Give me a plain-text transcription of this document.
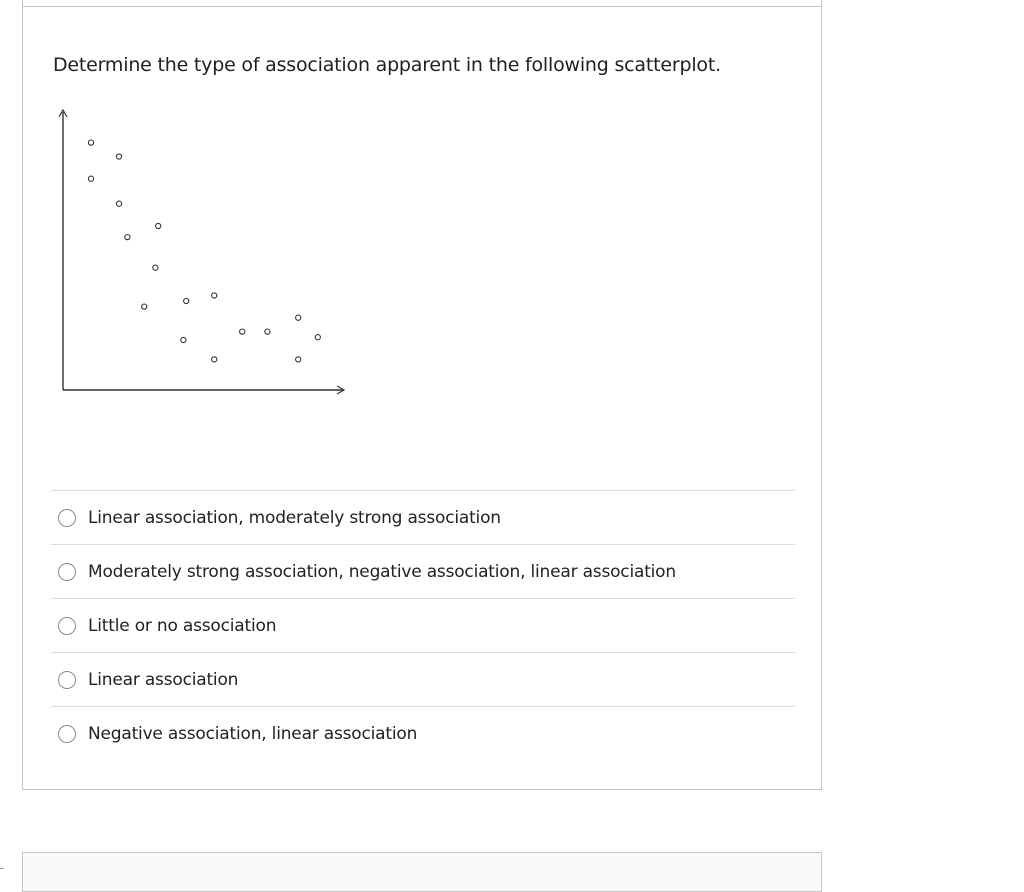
Determine the type of association apparent in the following scatterplot.
Linear association, moderately strong association
Moderately strong association, negative association, linear association
Little or no association
Linear association
Negative association, linear association
